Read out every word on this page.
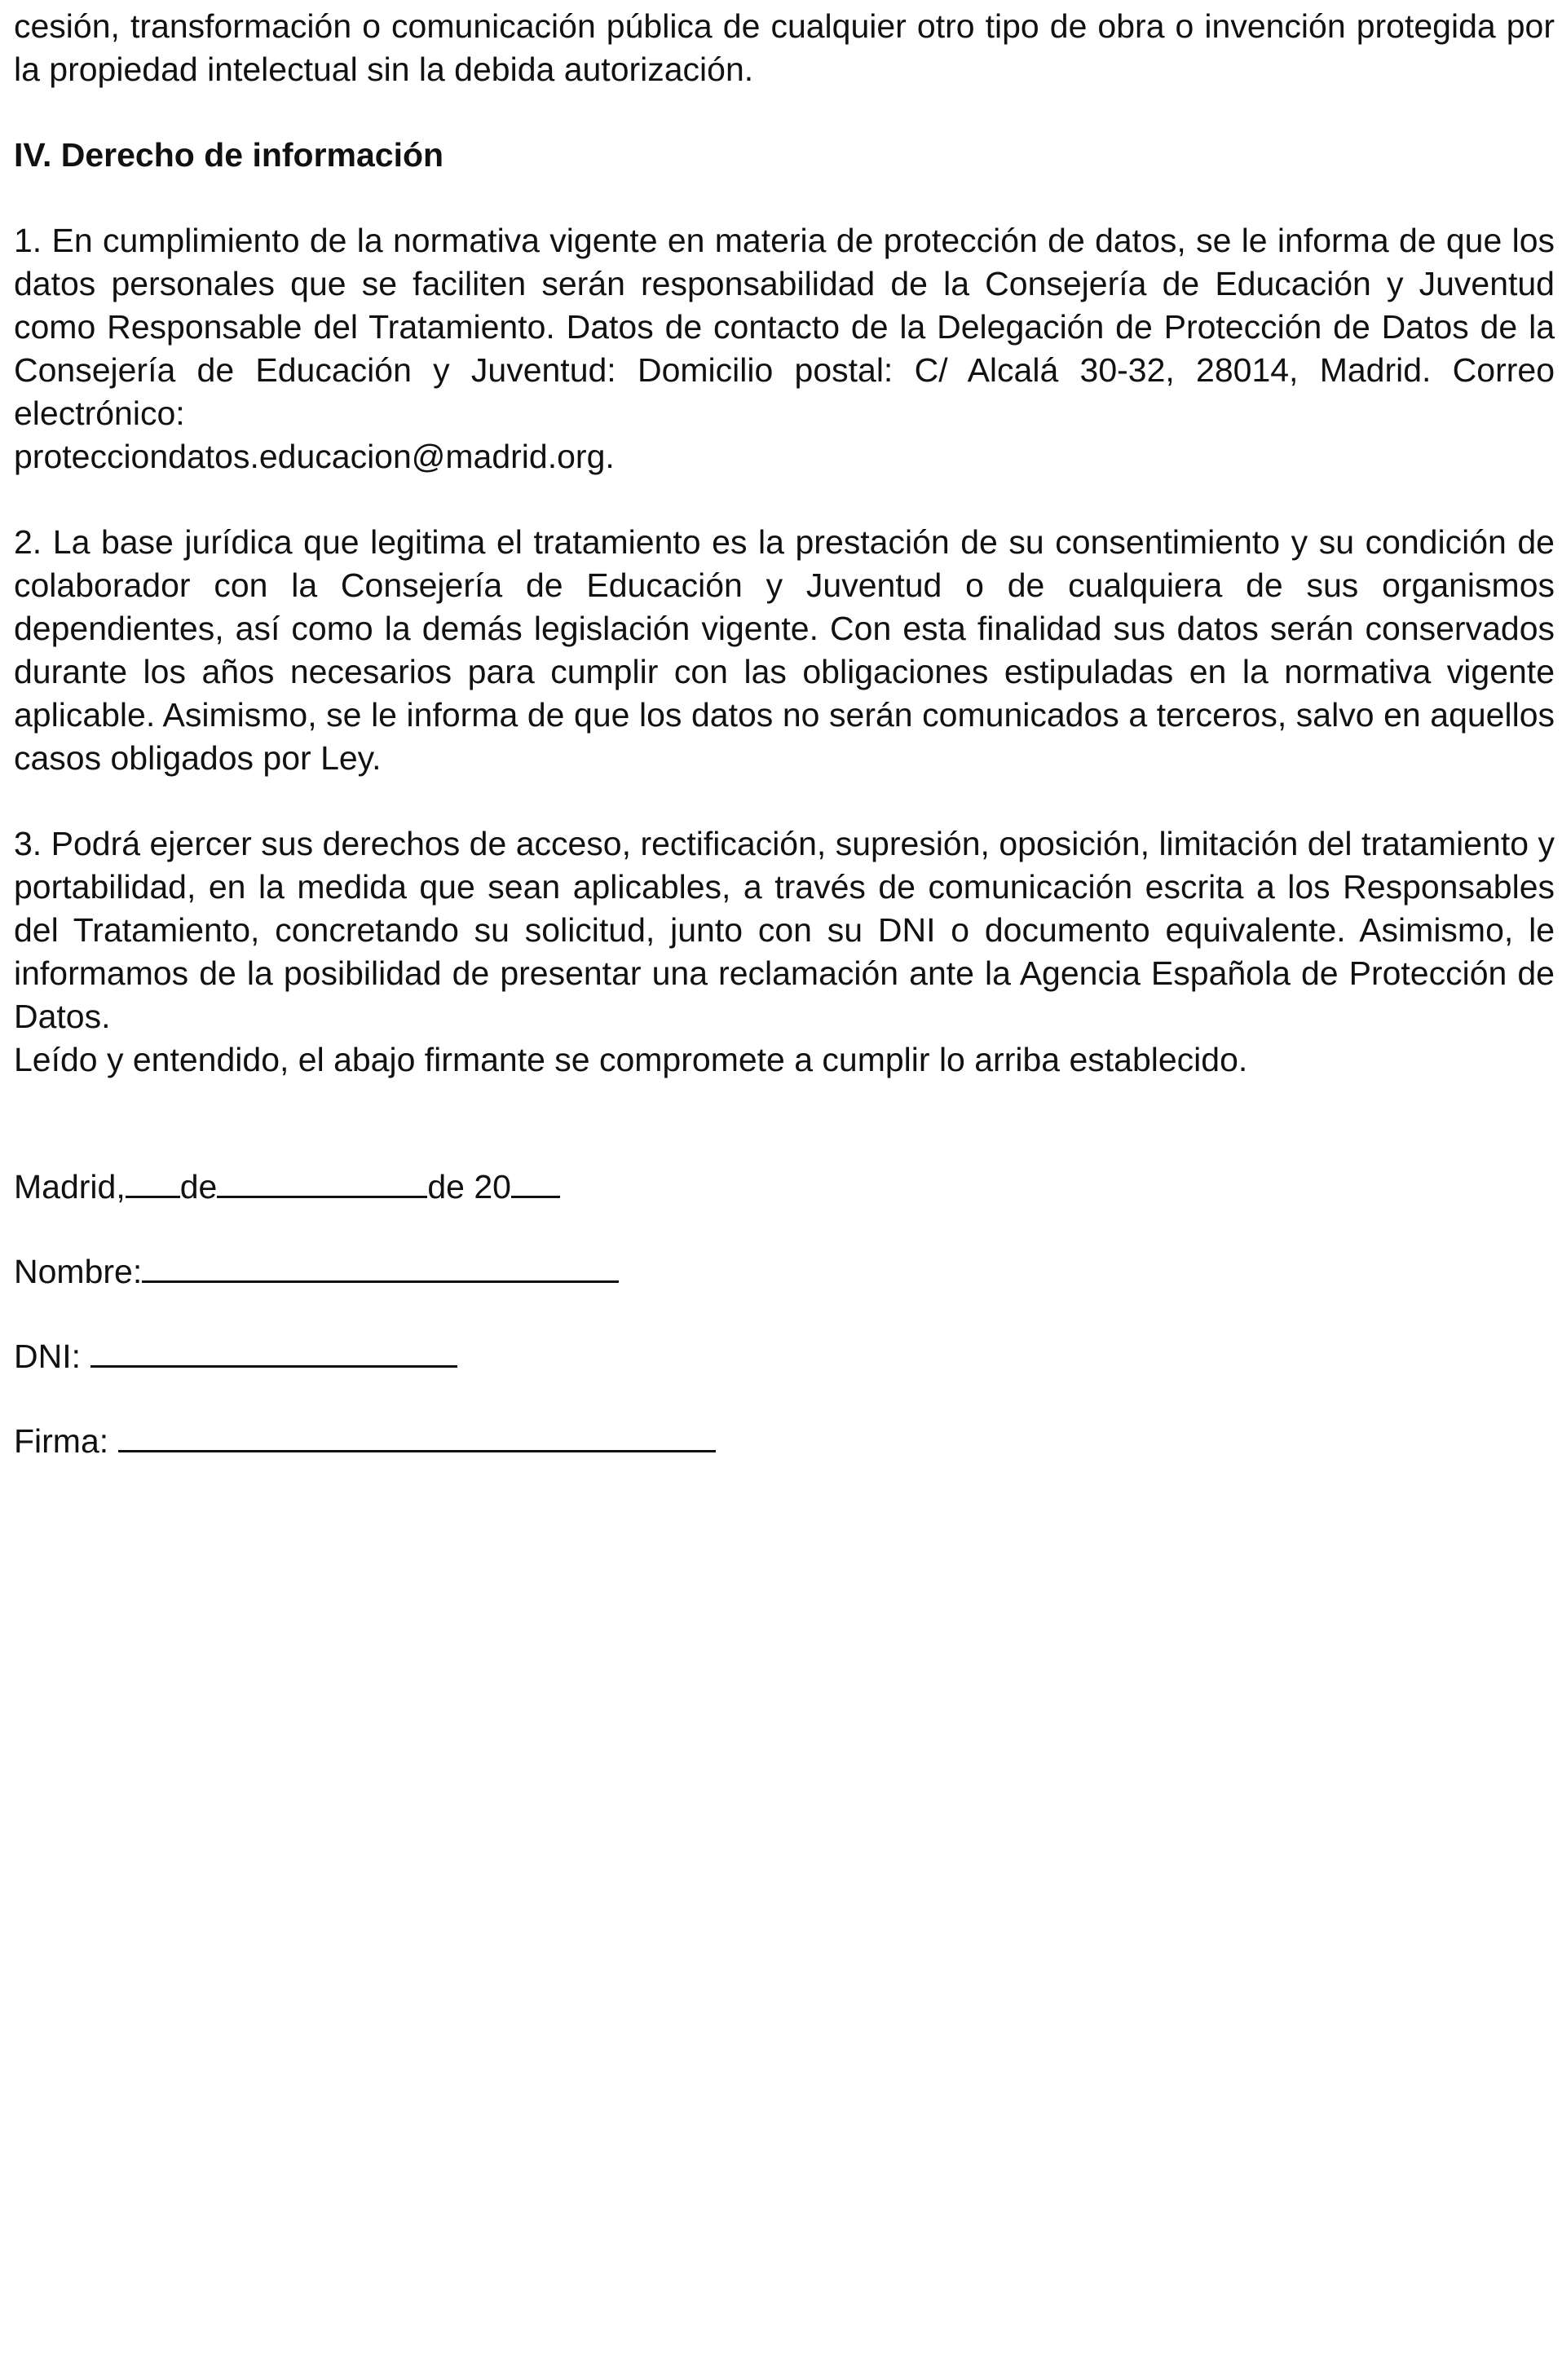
cesión, transformación o comunicación pública de cualquier otro tipo de obra o invención protegida por la propiedad intelectual sin la debida autorización.

IV. Derecho de información

1. En cumplimiento de la normativa vigente en materia de protección de datos, se le informa de que los datos personales que se faciliten serán responsabilidad de la Consejería de Educación y Juventud como Responsable del Tratamiento. Datos de contacto de la Delegación de Protección de Datos de la Consejería de Educación y Juventud: Domicilio postal: C/ Alcalá 30-32, 28014, Madrid. Correo electrónico:

protecciondatos.educacion@madrid.org.

2. La base jurídica que legitima el tratamiento es la prestación de su consentimiento y su condición de colaborador con la Consejería de Educación y Juventud o de cualquiera de sus organismos dependientes, así como la demás legislación vigente. Con esta finalidad sus datos serán conservados durante los años necesarios para cumplir con las obligaciones estipuladas en la normativa vigente aplicable. Asimismo, se le informa de que los datos no serán comunicados a terceros, salvo en aquellos casos obligados por Ley.

3. Podrá ejercer sus derechos de acceso, rectificación, supresión, oposición, limitación del tratamiento y portabilidad, en la medida que sean aplicables, a través de comunicación escrita a los Responsables del Tratamiento, concretando su solicitud, junto con su DNI o documento equivalente. Asimismo, le informamos de la posibilidad de presentar una reclamación ante la Agencia Española de Protección de Datos.

Leído y entendido, el abajo firmante se compromete a cumplir lo arriba establecido.

Madrid, de	de 20
Nombre:
DNI:
Firma:
